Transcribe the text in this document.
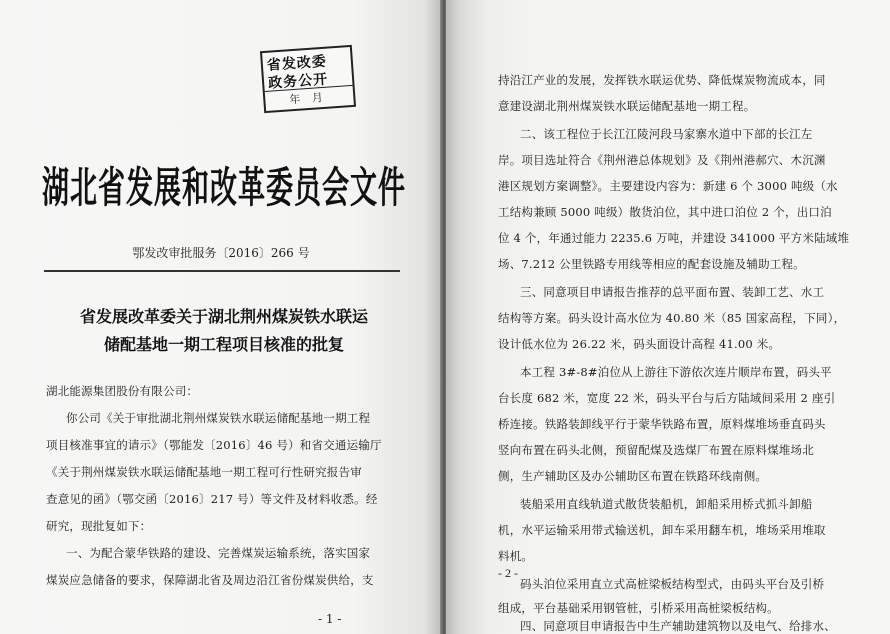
省发改委
政务公开
年 月
湖北省发展和改革委员会文件
鄂发改审批服务〔2016〕266 号
省发展改革委关于湖北荆州煤炭铁水联运
储配基地一期工程项目核准的批复
湖北能源集团股份有限公司：
你公司《关于审批湖北荆州煤炭铁水联运储配基地一期工程
项目核准事宜的请示》（鄂能发〔2016〕46 号）和省交通运输厅
《关于荆州煤炭铁水联运储配基地一期工程可行性研究报告审
查意见的函》（鄂交函〔2016〕217 号）等文件及材料收悉。经
研究，现批复如下：
一、为配合蒙华铁路的建设、完善煤炭运输系统，落实国家
煤炭应急储备的要求，保障湖北省及周边沿江省份煤炭供给，支
- 1 -
持沿江产业的发展，发挥铁水联运优势、降低煤炭物流成本，同
意建设湖北荆州煤炭铁水联运储配基地一期工程。
二、该工程位于长江江陵河段马家寨水道中下部的长江左
岸。项目选址符合《荆州港总体规划》及《荆州港郝穴、木沉渊
港区规划方案调整》。主要建设内容为：新建 6 个 3000 吨级（水
工结构兼顾 5000 吨级）散货泊位，其中进口泊位 2 个，出口泊
位 4 个，年通过能力 2235.6 万吨，并建设 341000 平方米陆域堆
场、7.212 公里铁路专用线等相应的配套设施及辅助工程。
三、同意项目申请报告推荐的总平面布置、装卸工艺、水工
结构等方案。码头设计高水位为 40.80 米（85 国家高程，下同），
设计低水位为 26.22 米，码头面设计高程 41.00 米。
本工程 3#-8#泊位从上游往下游依次连片顺岸布置，码头平
台长度 682 米，宽度 22 米，码头平台与后方陆域间采用 2 座引
桥连接。铁路装卸线平行于蒙华铁路布置，原料煤堆场垂直码头
竖向布置在码头北侧，预留配煤及选煤厂布置在原料煤堆场北
侧，生产辅助区及办公辅助区布置在铁路环线南侧。
装船采用直线轨道式散货装船机，卸船采用桥式抓斗卸船
机，水平运输采用带式输送机，卸车采用翻车机，堆场采用堆取
料机。
码头泊位采用直立式高桩梁板结构型式，由码头平台及引桥
组成，平台基础采用钢管桩，引桥采用高桩梁板结构。
四、同意项目申请报告中生产辅助建筑物以及电气、给排水、
- 2 -
